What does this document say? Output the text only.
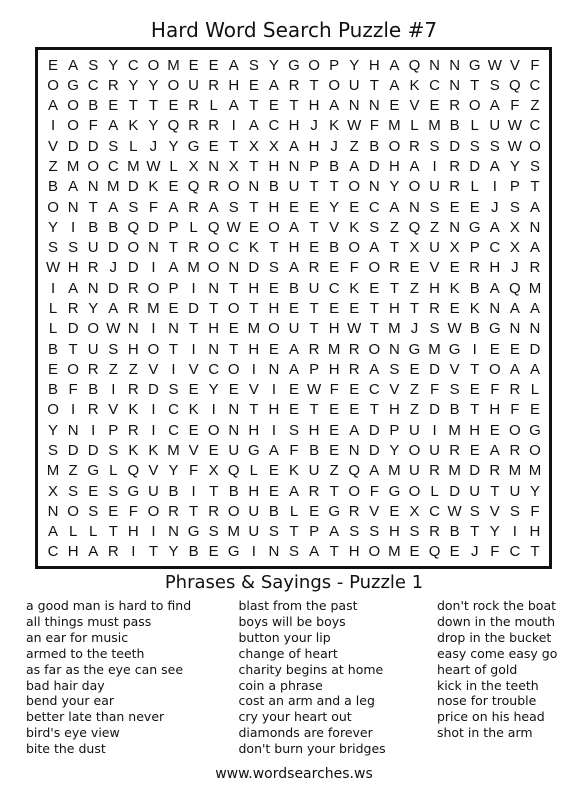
Hard Word Search Puzzle #7
E A S Y C O M E E A S Y G O P Y H A Q N N G W V F
O G C R Y Y O U R H E A R T O U T A K C N T S Q C
A O B E T T E R L A T E T H A N N E V E R O A F Z
I O F A K Y Q R R I A C H J K W F M L M B L U W C
V D D S L J Y G E T X X A H J Z B O R S D S S W O
Z M O C M W L X N X T H N P B A D H A I R D A Y S
B A N M D K E Q R O N B U T T O N Y O U R L I P T
O N T A S F A R A S T H E E Y E C A N S E E J S A
Y I B B Q D P L Q W E O A T V K S Z Q Z N G A X N
S S U D O N T R O C K T H E B O A T X U X P C X A
W H R J D I A M O N D S A R E F O R E V E R H J R
I A N D R O P I N T H E B U C K E T Z H K B A Q M
L R Y A R M E D T O T H E T E E T H T R E K N A A
L D O W N I N T H E M O U T H W T M J S W B G N N
B T U S H O T I N T H E A R M R O N G M G I E E D
E O R Z Z V I V C O I N A P H R A S E D V T O A A
B F B I R D S E Y E V I E W F E C V Z F S E F R L
O I R V K I C K I N T H E T E E T H Z D B T H F E
Y N I P R I C E O N H I S H E A D P U I M H E O G
S D D S K K M V E U G A F B E N D Y O U R E A R O
M Z G L Q V Y F X Q L E K U Z Q A M U R M D R M M
X S E S G U B I T B H E A R T O F G O L D U T U Y
N O S E F O R T R O U B L E G R V E X C W S V S F
A L L T H I N G S M U S T P A S S H S R B T Y I H
C H A R I T Y B E G I N S A T H O M E Q E J F C T
Phrases & Sayings - Puzzle 1
a good man is hard to find
all things must pass
an ear for music
armed to the teeth
as far as the eye can see
bad hair day
bend your ear
better late than never
bird's eye view
bite the dust
blast from the past
boys will be boys
button your lip
change of heart
charity begins at home
coin a phrase
cost an arm and a leg
cry your heart out
diamonds are forever
don't burn your bridges
don't rock the boat
down in the mouth
drop in the bucket
easy come easy go
heart of gold
kick in the teeth
nose for trouble
price on his head
shot in the arm
www.wordsearches.ws
